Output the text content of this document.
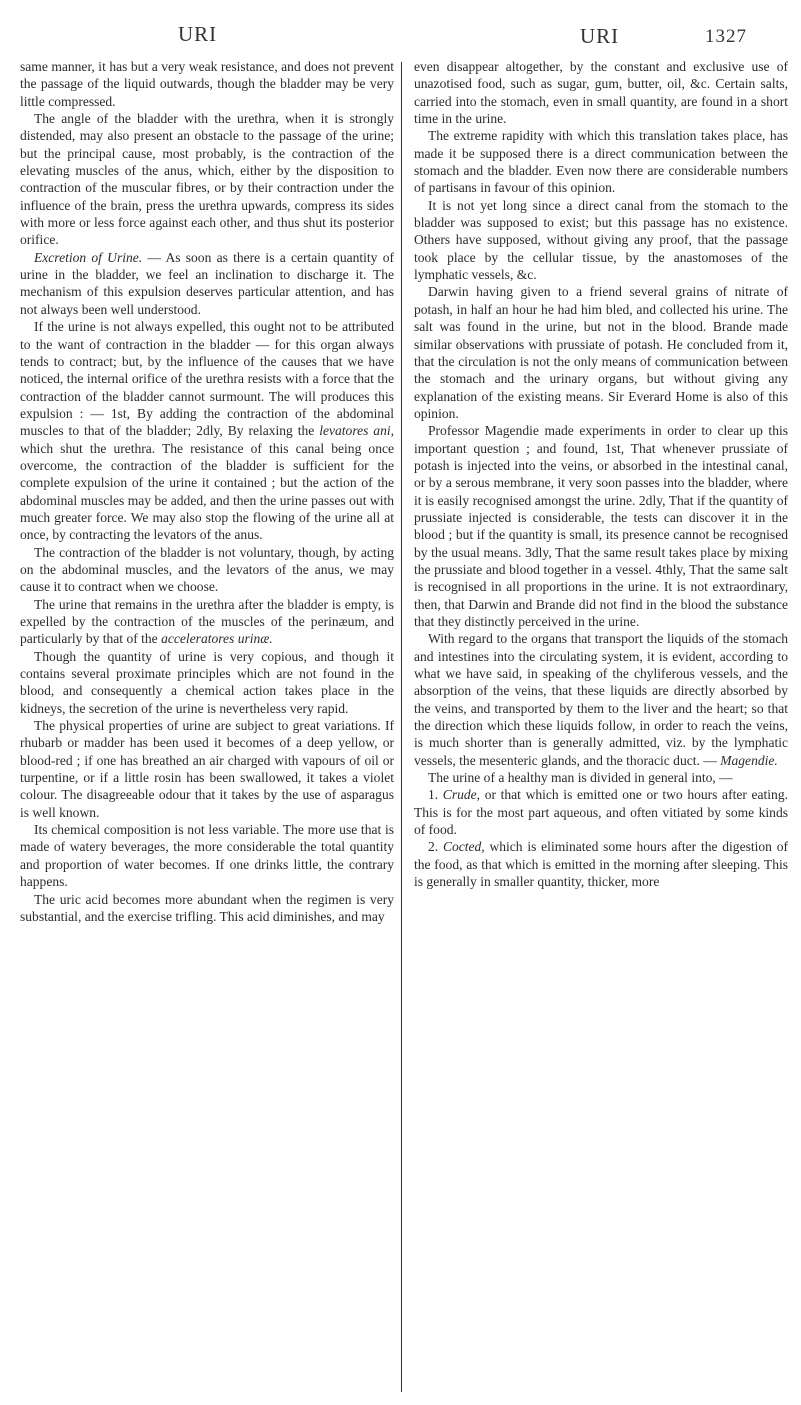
URI	URI	1327

same manner, it has but a very weak resistance, and does not prevent the passage of the liquid outwards, though the bladder may be very little compressed.

The angle of the bladder with the urethra, when it is strongly distended, may also present an obstacle to the passage of the urine; but the principal cause, most probably, is the contraction of the elevating muscles of the anus, which, either by the disposition to contraction of the muscular fibres, or by their contraction under the influence of the brain, press the urethra upwards, compress its sides with more or less force against each other, and thus shut its posterior orifice.

Excretion of Urine. — As soon as there is a certain quantity of urine in the bladder, we feel an inclination to discharge it. The mechanism of this expulsion deserves particular attention, and has not always been well understood.

If the urine is not always expelled, this ought not to be attributed to the want of contraction in the bladder — for this organ always tends to contract; but, by the influence of the causes that we have noticed, the internal orifice of the urethra resists with a force that the contraction of the bladder cannot surmount. The will produces this expulsion : — 1st, By adding the contraction of the abdominal muscles to that of the bladder; 2dly, By relaxing the levatores ani, which shut the urethra. The resistance of this canal being once overcome, the contraction of the bladder is sufficient for the complete expulsion of the urine it contained ; but the action of the abdominal muscles may be added, and then the urine passes out with much greater force. We may also stop the flowing of the urine all at once, by contracting the levators of the anus.

The contraction of the bladder is not voluntary, though, by acting on the abdominal muscles, and the levators of the anus, we may cause it to contract when we choose.

The urine that remains in the urethra after the bladder is empty, is expelled by the contraction of the muscles of the perinæum, and particularly by that of the acceleratores urinæ.

Though the quantity of urine is very copious, and though it contains several proximate principles which are not found in the blood, and consequently a chemical action takes place in the kidneys, the secretion of the urine is nevertheless very rapid.

The physical properties of urine are subject to great variations. If rhubarb or madder has been used it becomes of a deep yellow, or blood-red ; if one has breathed an air charged with vapours of oil or turpentine, or if a little rosin has been swallowed, it takes a violet colour. The disagreeable odour that it takes by the use of asparagus is well known.

Its chemical composition is not less variable. The more use that is made of watery beverages, the more considerable the total quantity and proportion of water becomes. If one drinks little, the contrary happens.

The uric acid becomes more abundant when the regimen is very substantial, and the exercise trifling. This acid diminishes, and may

even disappear altogether, by the constant and exclusive use of unazotised food, such as sugar, gum, butter, oil, &c. Certain salts, carried into the stomach, even in small quantity, are found in a short time in the urine.

The extreme rapidity with which this translation takes place, has made it be supposed there is a direct communication between the stomach and the bladder. Even now there are considerable numbers of partisans in favour of this opinion.

It is not yet long since a direct canal from the stomach to the bladder was supposed to exist; but this passage has no existence. Others have supposed, without giving any proof, that the passage took place by the cellular tissue, by the anastomoses of the lymphatic vessels, &c.

Darwin having given to a friend several grains of nitrate of potash, in half an hour he had him bled, and collected his urine. The salt was found in the urine, but not in the blood. Brande made similar observations with prussiate of potash. He concluded from it, that the circulation is not the only means of communication between the stomach and the urinary organs, but without giving any explanation of the existing means. Sir Everard Home is also of this opinion.

Professor Magendie made experiments in order to clear up this important question ; and found, 1st, That whenever prussiate of potash is injected into the veins, or absorbed in the intestinal canal, or by a serous membrane, it very soon passes into the bladder, where it is easily recognised amongst the urine. 2dly, That if the quantity of prussiate injected is considerable, the tests can discover it in the blood ; but if the quantity is small, its presence cannot be recognised by the usual means. 3dly, That the same result takes place by mixing the prussiate and blood together in a vessel. 4thly, That the same salt is recognised in all proportions in the urine. It is not extraordinary, then, that Darwin and Brande did not find in the blood the substance that they distinctly perceived in the urine.

With regard to the organs that transport the liquids of the stomach and intestines into the circulating system, it is evident, according to what we have said, in speaking of the chyliferous vessels, and the absorption of the veins, that these liquids are directly absorbed by the veins, and transported by them to the liver and the heart; so that the direction which these liquids follow, in order to reach the veins, is much shorter than is generally admitted, viz. by the lymphatic vessels, the mesenteric glands, and the thoracic duct. — Magendie.

The urine of a healthy man is divided in general into, —

1. Crude, or that which is emitted one or two hours after eating. This is for the most part aqueous, and often vitiated by some kinds of food.

2. Cocted, which is eliminated some hours after the digestion of the food, as that which is emitted in the morning after sleeping. This is generally in smaller quantity, thicker, more
